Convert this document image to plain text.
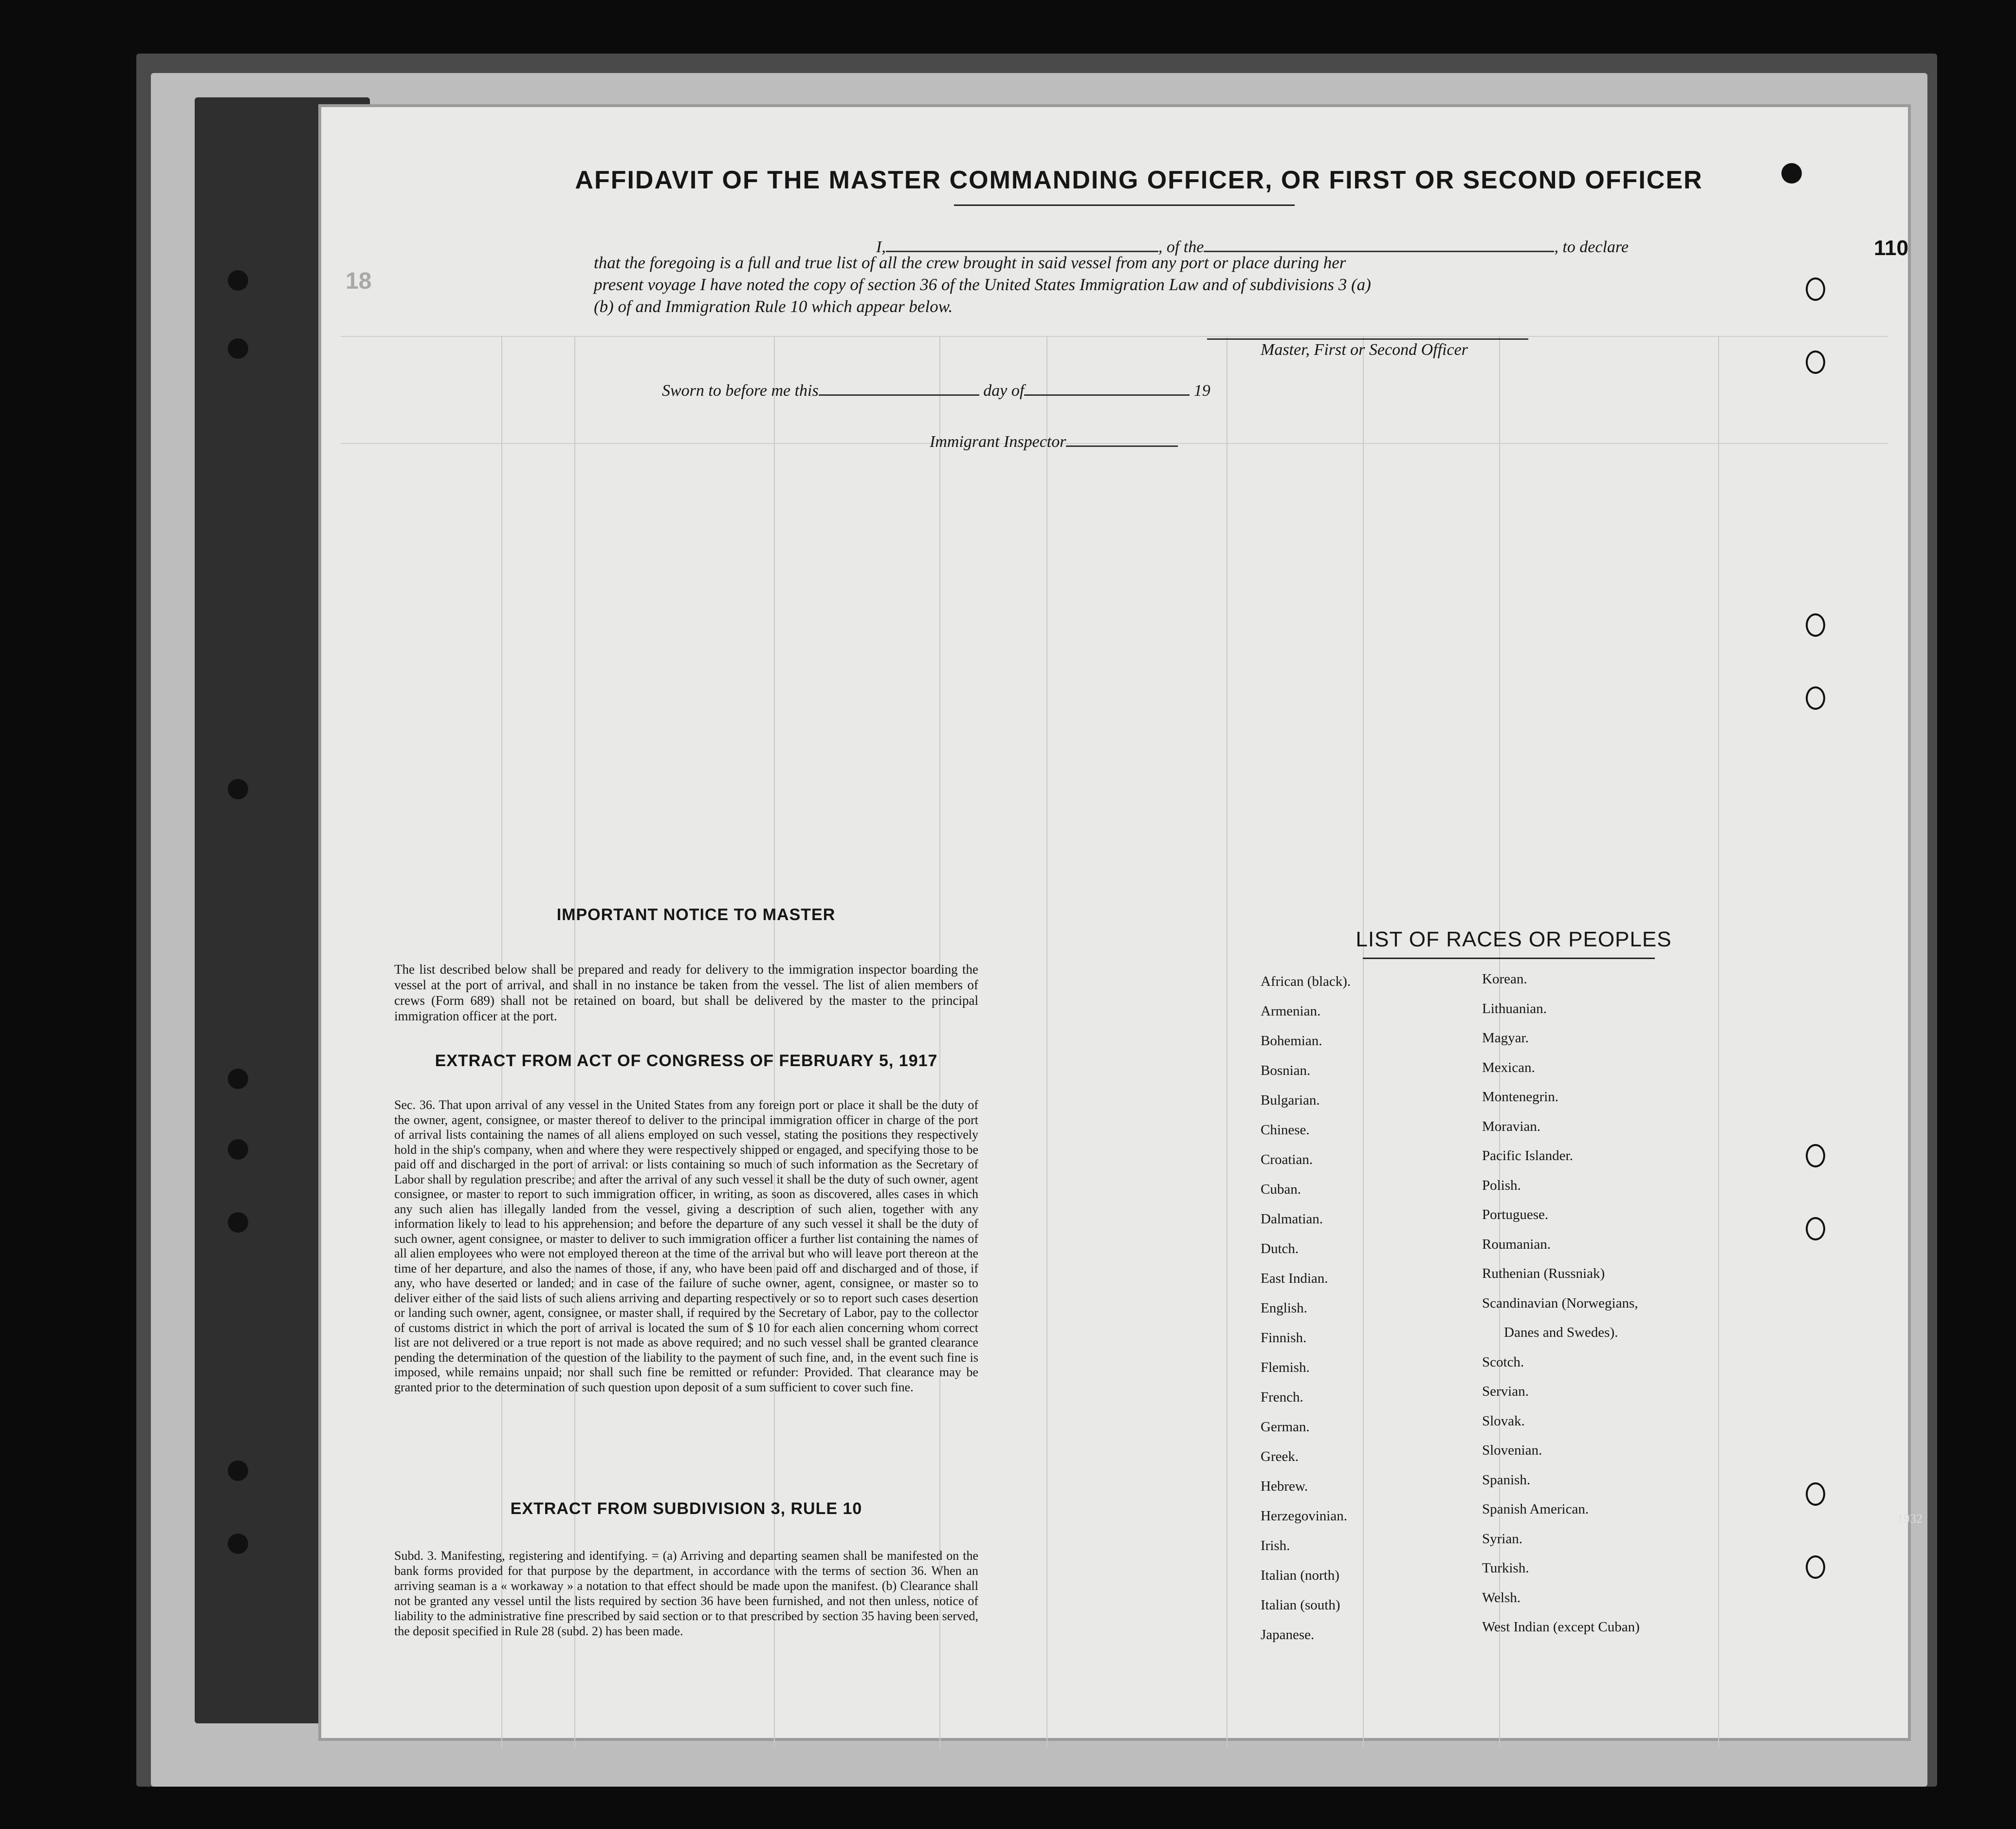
18
AFFIDAVIT OF THE MASTER COMMANDING OFFICER, OR FIRST OR SECOND OFFICER
I,	, of the	, to declare
that the foregoing is a full and true list of all the crew brought in said vessel from any port or place during her
present voyage I have noted the copy of section 36 of the United States Immigration Law and of subdivisions 3 (a)
(b) of and Immigration Rule 10 which appear below.
Master, First or Second Officer
Sworn to before me this	day of	19
Immigrant Inspector
IMPORTANT NOTICE TO MASTER
The list described below shall be prepared and ready for delivery to the immigration inspector boarding the vessel at the port of arrival, and shall in no instance be taken from the vessel. The list of alien members of crews (Form 689) shall not be retained on board, but shall be delivered by the master to the principal immigration officer at the port.
EXTRACT FROM ACT OF CONGRESS OF FEBRUARY 5, 1917
Sec. 36. That upon arrival of any vessel in the United States from any foreign port or place it shall be the duty of the owner, agent, consignee, or master thereof to deliver to the principal immigration officer in charge of the port of arrival lists containing the names of all aliens employed on such vessel, stating the positions they respectively hold in the ship's company, when and where they were respectively shipped or engaged, and specifying those to be paid off and discharged in the port of arrival: or lists containing so much of such information as the Secretary of Labor shall by regulation prescribe; and after the arrival of any such vessel it shall be the duty of such owner, agent consignee, or master to report to such immigration officer, in writing, as soon as discovered, alles cases in which any such alien has illegally landed from the vessel, giving a description of such alien, together with any information likely to lead to his apprehension; and before the departure of any such vessel it shall be the duty of such owner, agent consignee, or master to deliver to such immigration officer a further list containing the names of all alien employees who were not employed thereon at the time of the arrival but who will leave port thereon at the time of her departure, and also the names of those, if any, who have been paid off and discharged and of those, if any, who have deserted or landed; and in case of the failure of suche owner, agent, consignee, or master so to deliver either of the said lists of such aliens arriving and departing respectively or so to report such cases desertion or landing such owner, agent, consignee, or master shall, if required by the Secretary of Labor, pay to the collector of customs district in which the port of arrival is located the sum of $ 10 for each alien concerning whom correct list are not delivered or a true report is not made as above required; and no such vessel shall be granted clearance pending the determination of the question of the liability to the payment of such fine, and, in the event such fine is imposed, while remains unpaid; nor shall such fine be remitted or refunder: Provided. That clearance may be granted prior to the determination of such question upon deposit of a sum sufficient to cover such fine.
EXTRACT FROM SUBDIVISION 3, RULE 10
Subd. 3. Manifesting, registering and identifying. = (a) Arriving and departing seamen shall be manifested on the bank forms provided for that purpose by the department, in accordance with the terms of section 36. When an arriving seaman is a « workaway » a notation to that effect should be made upon the manifest. (b) Clearance shall not be granted any vessel until the lists required by section 36 have been furnished, and not then unless, notice of liability to the administrative fine prescribed by said section or to that prescribed by section 35 having been served, the deposit specified in Rule 28 (subd. 2) has been made.
LIST OF RACES OR PEOPLES
African (black).
Armenian.
Bohemian.
Bosnian.
Bulgarian.
Chinese.
Croatian.
Cuban.
Dalmatian.
Dutch.
East Indian.
English.
Finnish.
Flemish.
French.
German.
Greek.
Hebrew.
Herzegovinian.
Irish.
Italian (north)
Italian (south)
Japanese.
Korean.
Lithuanian.
Magyar.
Mexican.
Montenegrin.
Moravian.
Pacific Islander.
Polish.
Portuguese.
Roumanian.
Ruthenian (Russniak)
Scandinavian (Norwegians,
Danes and Swedes).
Scotch.
Servian.
Slovak.
Slovenian.
Spanish.
Spanish American.
Syrian.
Turkish.
Welsh.
West Indian (except Cuban)
110
1932
